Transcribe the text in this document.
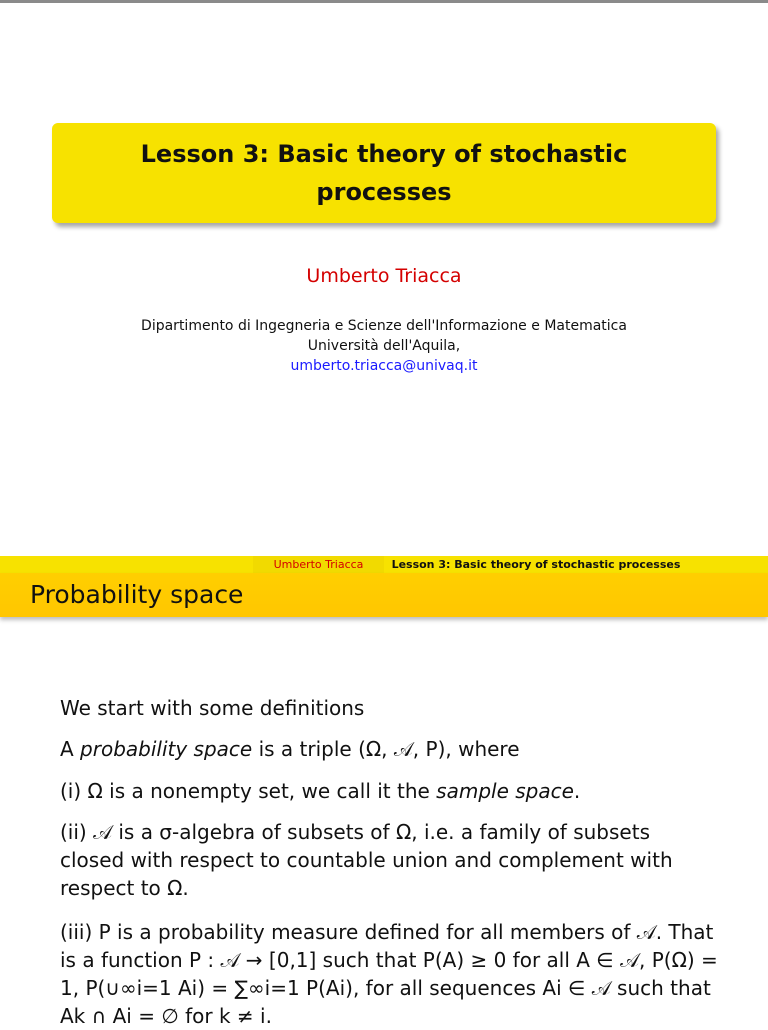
Lesson 3: Basic theory of stochastic processes
Umberto Triacca
Dipartimento di Ingegneria e Scienze dell'Informazione e Matematica
Università dell'Aquila,
umberto.triacca@univaq.it
Umberto Triacca	Lesson 3: Basic theory of stochastic processes
Probability space
We start with some definitions
A probability space is a triple (Ω, 𝒜, P), where
(i) Ω is a nonempty set, we call it the sample space.
(ii) 𝒜 is a σ-algebra of subsets of Ω, i.e. a family of subsets closed with respect to countable union and complement with respect to Ω.
(iii) P is a probability measure defined for all members of 𝒜. That is a function P : 𝒜 → [0,1] such that P(A) ≥ 0 for all A ∈ 𝒜, P(Ω) = 1, P(∪∞i=1 Ai) = ∑∞i=1 P(Ai), for all sequences Ai ∈ 𝒜 such that Ak ∩ Ai = ∅ for k ≠ i.
